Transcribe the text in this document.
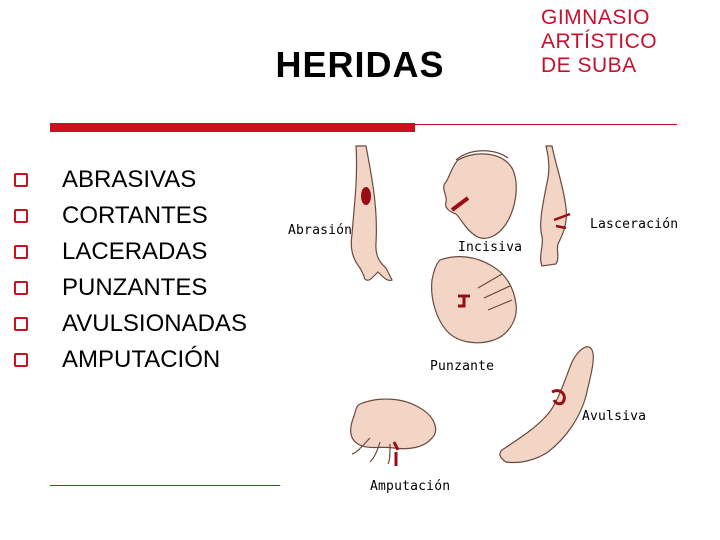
HERIDAS
GIMNASIO
ARTÍSTICO
DE SUBA
ABRASIVAS
CORTANTES
LACERADAS
PUNZANTES
AVULSIONADAS
AMPUTACIÓN
Abrasión
Incisiva
Lasceración
Punzante
Avulsiva
Amputación
